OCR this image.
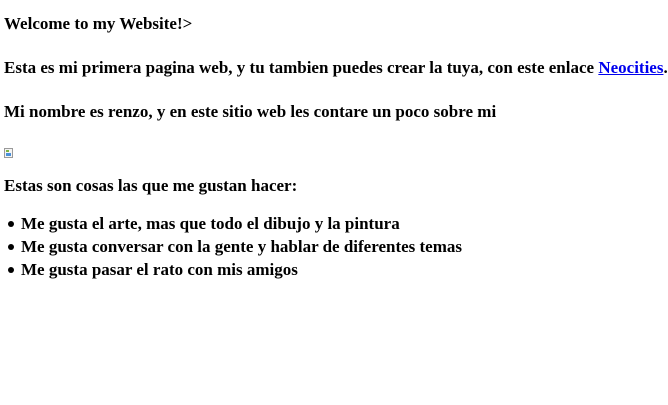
Welcome to my Website!>

Esta es mi primera pagina web, y tu tambien puedes crear la tuya, con este enlace Neocities.

Mi nombre es renzo, y en este sitio web les contare un poco sobre mi

Estas son cosas las que me gustan hacer:

Me gusta el arte, mas que todo el dibujo y la pintura
Me gusta conversar con la gente y hablar de diferentes temas
Me gusta pasar el rato con mis amigos
